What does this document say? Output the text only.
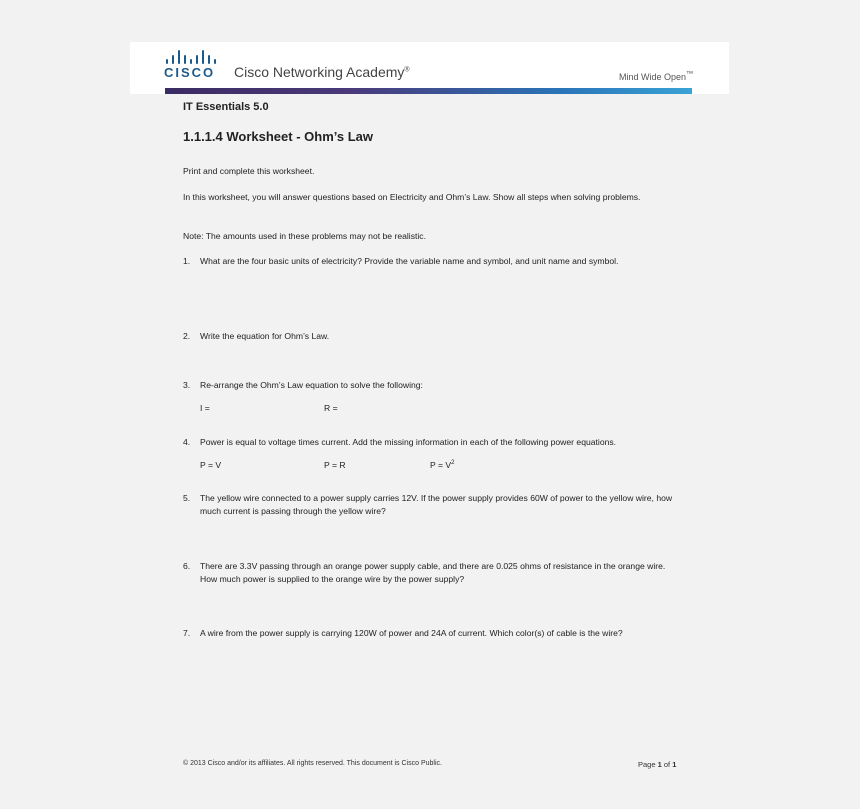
CISCO Cisco Networking Academy®
Mind Wide Open™
IT Essentials 5.0
1.1.1.4 Worksheet - Ohm’s Law
Print and complete this worksheet.
In this worksheet, you will answer questions based on Electricity and Ohm’s Law. Show all steps when solving problems.
Note: The amounts used in these problems may not be realistic.
1. What are the four basic units of electricity? Provide the variable name and symbol, and unit name and symbol.
2. Write the equation for Ohm’s Law.
3. Re-arrange the Ohm’s Law equation to solve the following:
I =	R =
4. Power is equal to voltage times current. Add the missing information in each of the following power equations.
P = V	P = R	$P = V^2$
5. The yellow wire connected to a power supply carries 12V. If the power supply provides 60W of power to the yellow wire, how much current is passing through the yellow wire?
6. There are 3.3V passing through an orange power supply cable, and there are 0.025 ohms of resistance in the orange wire. How much power is supplied to the orange wire by the power supply?
7. A wire from the power supply is carrying 120W of power and 24A of current. Which color(s) of cable is the wire?
© 2013 Cisco and/or its affiliates. All rights reserved. This document is Cisco Public.	Page 1 of 1
